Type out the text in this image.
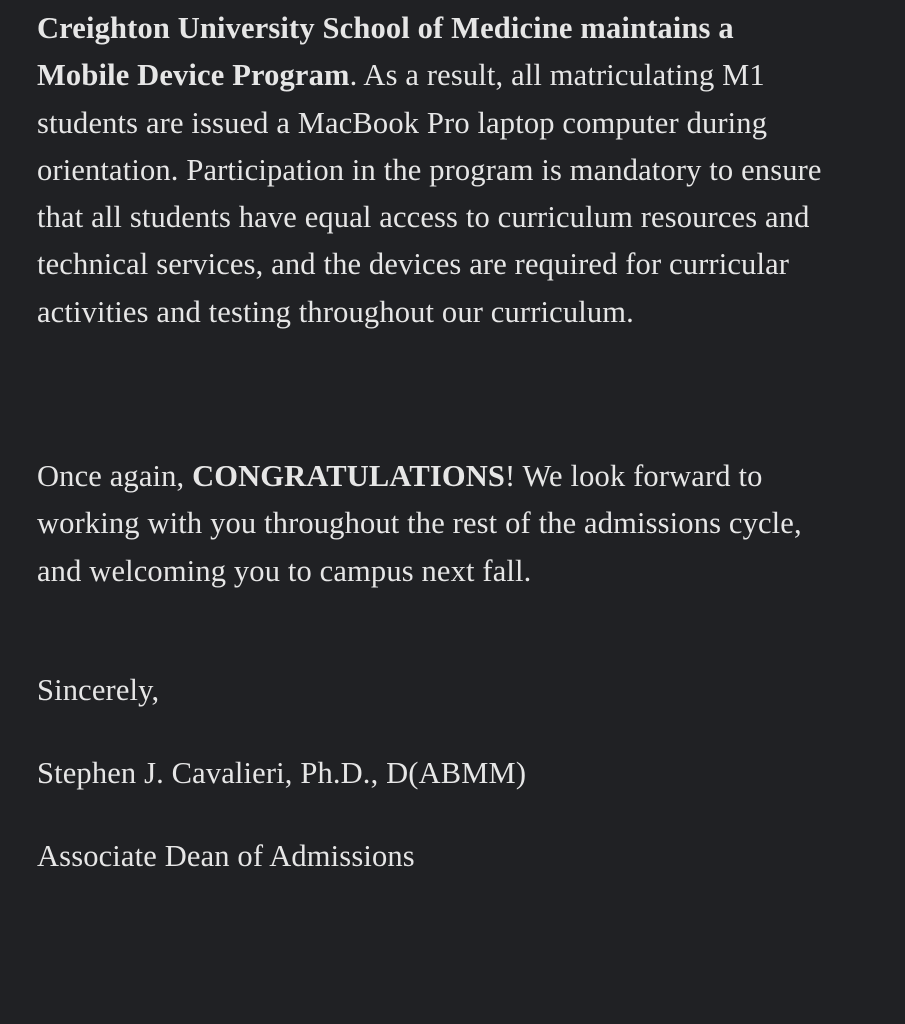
Creighton University School of Medicine maintains a
Mobile Device Program. As a result, all matriculating M1
students are issued a MacBook Pro laptop computer during
orientation. Participation in the program is mandatory to ensure
that all students have equal access to curriculum resources and
technical services, and the devices are required for curricular
activities and testing throughout our curriculum.

Once again, CONGRATULATIONS! We look forward to
working with you throughout the rest of the admissions cycle,
and welcoming you to campus next fall.

Sincerely,

Stephen J. Cavalieri, Ph.D., D(ABMM)

Associate Dean of Admissions
